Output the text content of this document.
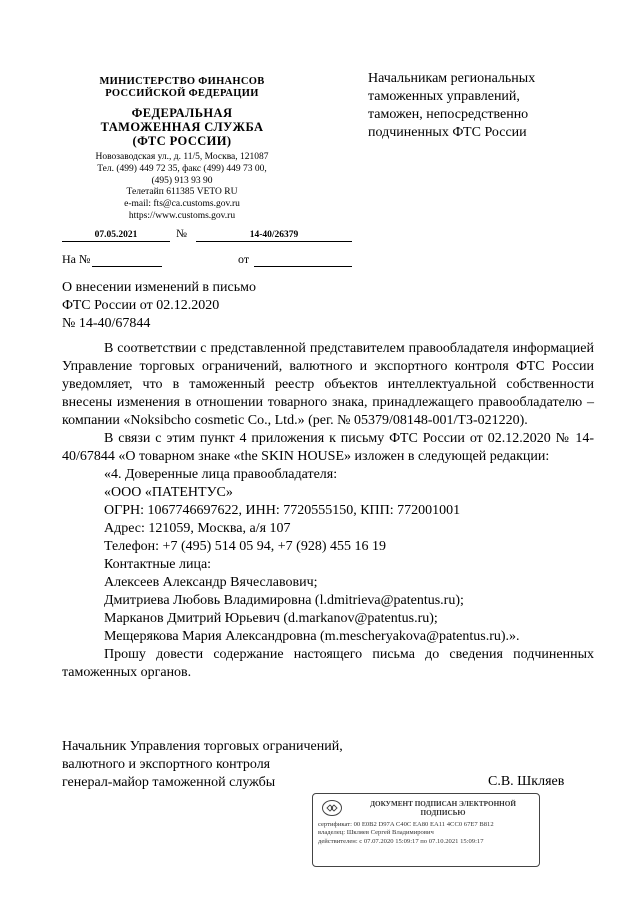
МИНИСТЕРСТВО ФИНАНСОВ
РОССИЙСКОЙ ФЕДЕРАЦИИ
ФЕДЕРАЛЬНАЯ
ТАМОЖЕННАЯ СЛУЖБА
(ФТС РОССИИ)
Новозаводская ул., д. 11/5, Москва, 121087
Тел. (499) 449 72 35, факс (499) 449 73 00,
(495) 913 93 90
Телетайп 611385 VETO RU
e-mail: fts@ca.customs.gov.ru
https://www.customs.gov.ru
07.05.2021	№	14-40/26379
На №	от
Начальникам региональных
таможенных управлений,
таможен, непосредственно
подчиненных ФТС России
О внесении изменений в письмо
ФТС России от 02.12.2020
№ 14-40/67844

В соответствии с представленной представителем правообладателя информацией Управление торговых ограничений, валютного и экспортного контроля ФТС России уведомляет, что в таможенный реестр объектов интеллектуальной собственности внесены изменения в отношении товарного знака, принадлежащего правообладателю – компании «Noksibcho cosmetic Co., Ltd.» (рег. № 05379/08148-001/ТЗ-021220).

В связи с этим пункт 4 приложения к письму ФТС России от 02.12.2020 № 14-40/67844 «О товарном знаке «the SKIN HOUSE» изложен в следующей редакции:

«4. Доверенные лица правообладателя:
«ООО «ПАТЕНТУС»
ОГРН: 1067746697622, ИНН: 7720555150, КПП: 772001001
Адрес: 121059, Москва, а/я 107
Телефон: +7 (495) 514 05 94, +7 (928) 455 16 19
Контактные лица:
Алексеев Александр Вячеславович;
Дмитриева Любовь Владимировна (l.dmitrieva@patentus.ru);
Марканов Дмитрий Юрьевич (d.markanov@patentus.ru);
Мещерякова Мария Александровна (m.mescheryakova@patentus.ru).».

Прошу довести содержание настоящего письма до сведения подчиненных таможенных органов.

Начальник Управления торговых ограничений,
валютного и экспортного контроля
генерал-майор таможенной службы	С.В. Шкляев
ДОКУМЕНТ ПОДПИСАН ЭЛЕКТРОННОЙ
ПОДПИСЬЮ
сертификат: 00 E0B2 D97A C40C EA80 EA11 4CC0 67E7 B812
владелец: Шкляев Сергей Владимирович
действителен: с 07.07.2020 15:09:17 по 07.10.2021 15:09:17
